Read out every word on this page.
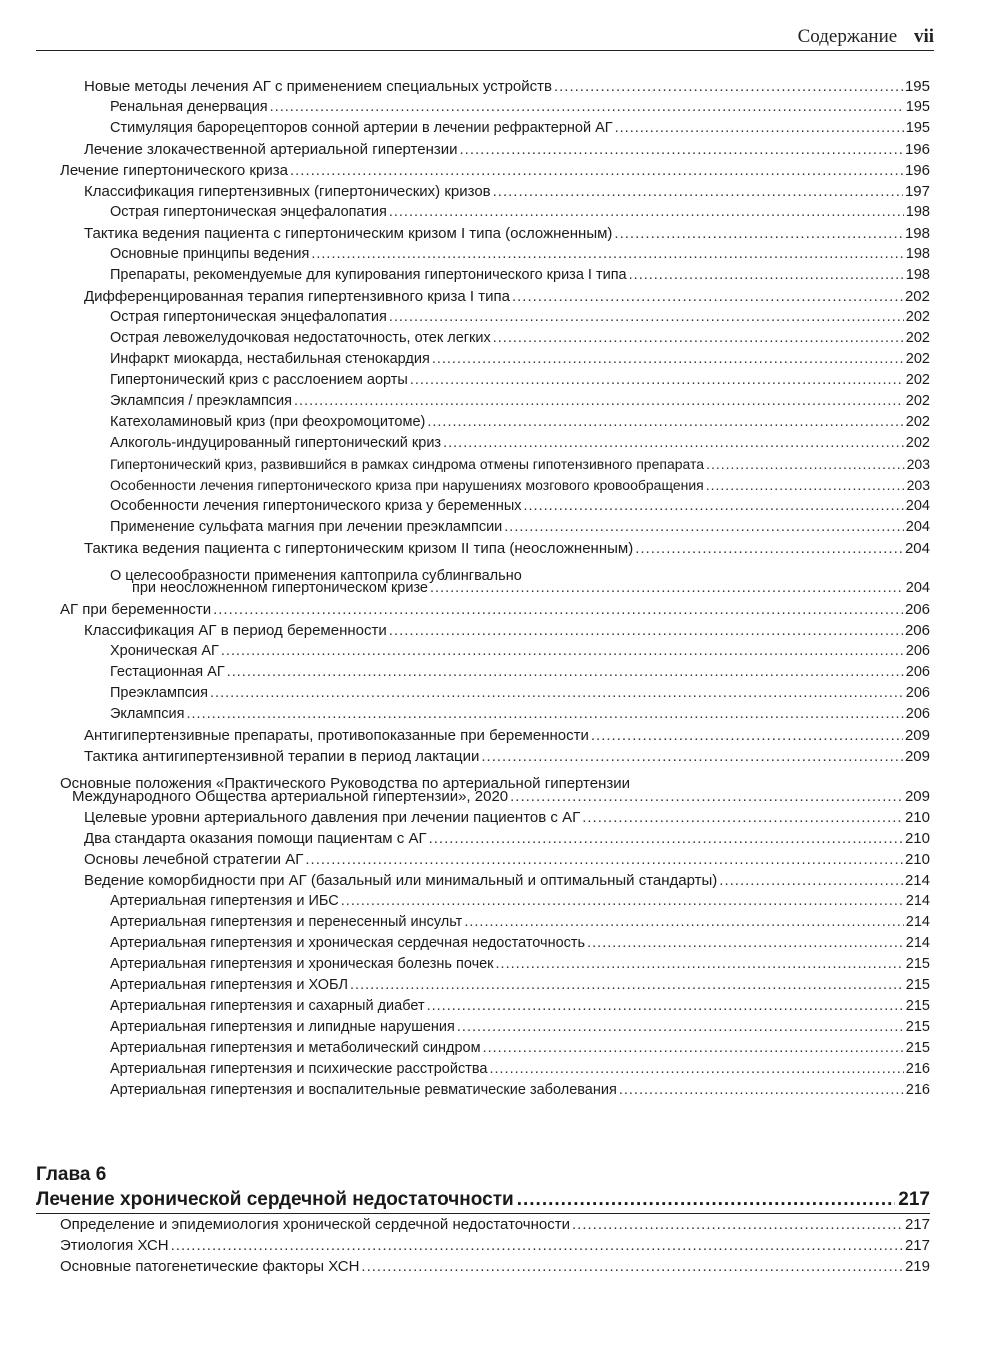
Содержание vii
Новые методы лечения АГ с применением специальных устройств .....	195
Ренальная денервация .....	195
Стимуляция барорецепторов сонной артерии в лечении рефрактерной АГ .....	195
Лечение злокачественной артериальной гипертензии .....	196
Лечение гипертонического криза .....	196
Классификация гипертензивных (гипертонических) кризов .....	197
Острая гипертоническая энцефалопатия .....	198
Тактика ведения пациента с гипертоническим кризом I типа (осложненным) .....	198
Основные принципы ведения .....	198
Препараты, рекомендуемые для купирования гипертонического криза I типа .....	198
Дифференцированная терапия гипертензивного криза I типа .....	202
Острая гипертоническая энцефалопатия .....	202
Острая левожелудочковая недостаточность, отек легких .....	202
Инфаркт миокарда, нестабильная стенокардия .....	202
Гипертонический криз с расслоением аорты .....	202
Эклампсия / преэклампсия .....	202
Катехоламиновый криз (при феохромоцитоме) .....	202
Алкоголь-индуцированный гипертонический криз .....	202
Гипертонический криз, развившийся в рамках синдрома отмены гипотензивного препарата .....	203
Особенности лечения гипертонического криза при нарушениях мозгового кровообращения .....	203
Особенности лечения гипертонического криза у беременных .....	204
Применение сульфата магния при лечении преэклампсии .....	204
Тактика ведения пациента с гипертоническим кризом II типа (неосложненным) .....	204
О целесообразности применения каптоприла сублингвально
при неосложненном гипертоническом кризе .....	204
АГ при беременности .....	206
Классификация АГ в период беременности .....	206
Хроническая АГ .....	206
Гестационная АГ .....	206
Преэклампсия .....	206
Эклампсия .....	206
Антигипертензивные препараты, противопоказанные при беременности .....	209
Тактика антигипертензивной терапии в период лактации .....	209
Основные положения «Практического Руководства по артериальной гипертензии
Международного Общества артериальной гипертензии», 2020 .....	209
Целевые уровни артериального давления при лечении пациентов с АГ .....	210
Два стандарта оказания помощи пациентам с АГ .....	210
Основы лечебной стратегии АГ .....	210
Ведение коморбидности при АГ (базальный или минимальный и оптимальный стандарты) .....	214
Артериальная гипертензия и ИБС .....	214
Артериальная гипертензия и перенесенный инсульт .....	214
Артериальная гипертензия и хроническая сердечная недостаточность .....	214
Артериальная гипертензия и хроническая болезнь почек .....	215
Артериальная гипертензия и ХОБЛ .....	215
Артериальная гипертензия и сахарный диабет .....	215
Артериальная гипертензия и липидные нарушения .....	215
Артериальная гипертензия и метаболический синдром .....	215
Артериальная гипертензия и психические расстройства .....	216
Артериальная гипертензия и воспалительные ревматические заболевания .....	216
Глава 6
Лечение хронической сердечной недостаточности .....	217
Определение и эпидемиология хронической сердечной недостаточности .....	217
Этиология ХСН .....	217
Основные патогенетические факторы ХСН .....	219
